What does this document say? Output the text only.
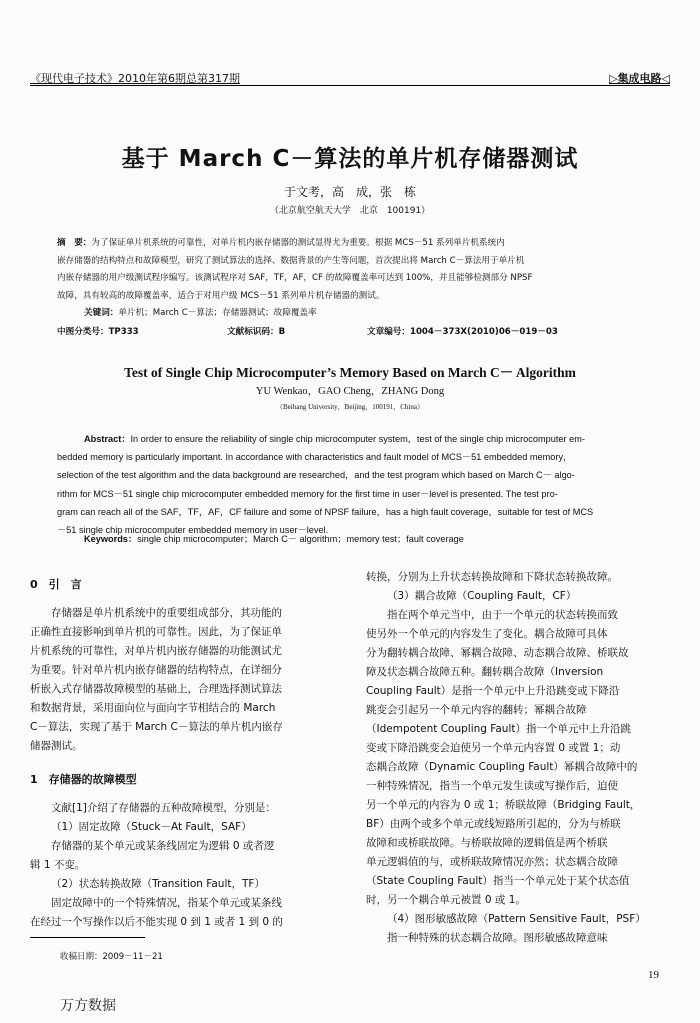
《现代电子技术》2010年第6期总第317期	▷集成电路◁
基于 March C－算法的单片机存储器测试
于文考，高　成，张　栋
（北京航空航天大学　北京　100191）
摘　要：为了保证单片机系统的可靠性，对单片机内嵌存储器的测试显得尤为重要。根据 MCS－51 系列单片机系统内
嵌存储器的结构特点和故障模型，研究了测试算法的选择、数据背景的产生等问题，首次提出将 March C－算法用于单片机
内嵌存储器的用户级测试程序编写。该测试程序对 SAF，TF，AF，CF 的故障覆盖率可达到 100%，并且能够检测部分 NPSF
故障，具有较高的故障覆盖率，适合于对用户级 MCS－51 系列单片机存储器的测试。
关键词：单片机；March C－算法；存储器测试；故障覆盖率
中图分类号：TP333	文献标识码：B	文章编号：1004－373X(2010)06－019－03
Test of Single Chip Microcomputer’s Memory Based on March C－ Algorithm
YU Wenkao，GAO Cheng，ZHANG Dong
（Beihang University，Beijing，100191，China）
Abstract：In order to ensure the reliability of single chip microcomputer system，test of the single chip microcomputer em-
bedded memory is particularly important. In accordance with characteristics and fault model of MCS－51 embedded memory，
selection of the test algorithm and the data background are researched，and the test program which based on March C－ algo-
rithm for MCS－51 single chip microcomputer embedded memory for the first time in user－level is presented. The test pro-
gram can reach all of the SAF，TF，AF，CF failure and some of NPSF failure，has a high fault coverage，suitable for test of MCS
－51 single chip microcomputer embedded memory in user－level.
Keywords：single chip microcomputer；March C－ algorithm；memory test；fault coverage
0　引　言

存储器是单片机系统中的重要组成部分，其功能的

正确性直接影响到单片机的可靠性。因此，为了保证单

片机系统的可靠性，对单片机内嵌存储器的功能测试尤

为重要。针对单片机内嵌存储器的结构特点，在详细分

析嵌入式存储器故障模型的基础上，合理选择测试算法

和数据背景，采用面向位与面向字节相结合的 March

C－算法，实现了基于 March C－算法的单片机内嵌存

储器测试。

1　存储器的故障模型

文献[1]介绍了存储器的五种故障模型，分别是：

（1）固定故障（Stuck－At Fault，SAF）

存储器的某个单元或某条线固定为逻辑 0 或者逻

辑 1 不变。

（2）状态转换故障（Transition Fault，TF）

固定故障中的一个特殊情况，指某个单元或某条线

在经过一个写操作以后不能实现 0 到 1 或者 1 到 0 的

转换，分别为上升状态转换故障和下降状态转换故障。

（3）耦合故障（Coupling Fault，CF）

指在两个单元当中，由于一个单元的状态转换而致

使另外一个单元的内容发生了变化。耦合故障可具体

分为翻转耦合故障、幂耦合故障、动态耦合故障、桥联故

障及状态耦合故障五种。翻转耦合故障（Inversion

Coupling Fault）是指一个单元中上升沿跳变或下降沿

跳变会引起另一个单元内容的翻转；幂耦合故障

（Idempotent Coupling Fault）指一个单元中上升沿跳

变或下降沿跳变会迫使另一个单元内容置 0 或置 1；动

态耦合故障（Dynamic Coupling Fault）幂耦合故障中的

一种特殊情况，指当一个单元发生读或写操作后，迫使

另一个单元的内容为 0 或 1；桥联故障（Bridging Fault，

BF）由两个或多个单元或线短路所引起的，分为与桥联

故障和或桥联故障。与桥联故障的逻辑值是两个桥联

单元逻辑值的与，或桥联故障情况亦然；状态耦合故障

（State Coupling Fault）指当一个单元处于某个状态值

时，另一个耦合单元被置 0 或 1。

（4）图形敏感故障（Pattern Sensitive Fault，PSF）

指一种特殊的状态耦合故障。图形敏感故障意味

收稿日期：2009－11－21
19
万方数据
